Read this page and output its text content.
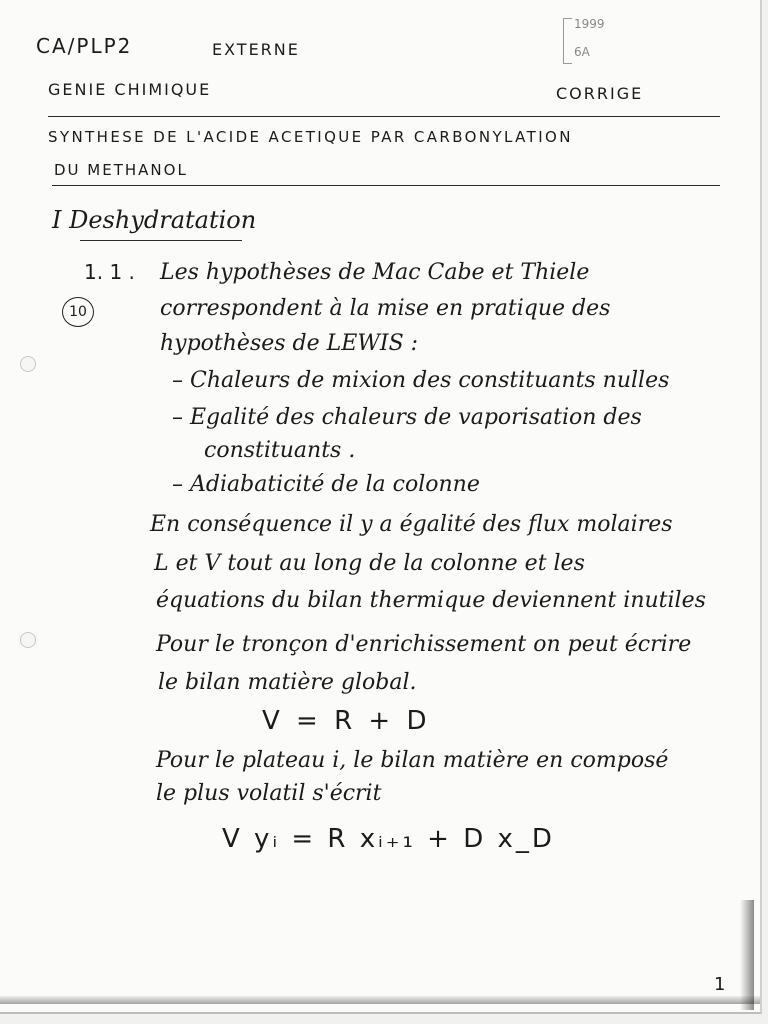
CA/PLP2	EXTERNE
1999
6A
GENIE CHIMIQUE	CORRIGE
SYNTHESE DE L'ACIDE ACETIQUE PAR CARBONYLATION
DU METHANOL
I Deshydratation
1. 1 .
10
Les hypothèses de Mac Cabe et Thiele
correspondent à la mise en pratique des
hypothèses de LEWIS :
– Chaleurs de mixion des constituants nulles
– Egalité des chaleurs de vaporisation des
constituants .
– Adiabaticité de la colonne
En conséquence il y a égalité des flux molaires
L et V tout au long de la colonne et les
équations du bilan thermique deviennent inutiles
Pour le tronçon d'enrichissement on peut écrire
le bilan matière global.
V = R + D
Pour le plateau i, le bilan matière en composé
le plus volatil s'écrit
V yᵢ = R xᵢ₊₁ + D x_D
1
